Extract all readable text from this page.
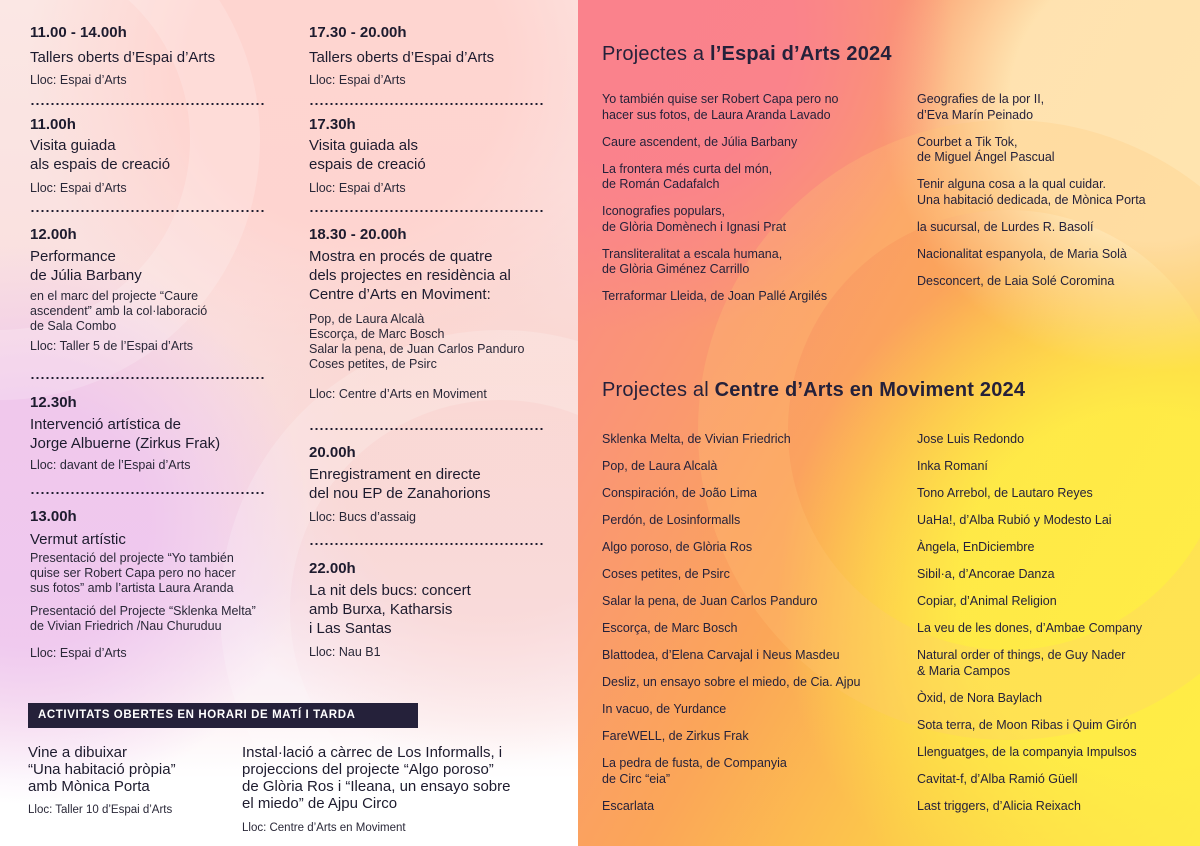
11.00 - 14.00h
Tallers oberts d’Espai d’Arts
Lloc: Espai d’Arts
11.00h
Visita guiada
als espais de creació
Lloc: Espai d’Arts
12.00h
Performance
de Júlia Barbany
en el marc del projecte “Caure
ascendent” amb la col·laboració
de Sala Combo
Lloc: Taller 5 de l’Espai d’Arts
12.30h
Intervenció artística de
Jorge Albuerne (Zirkus Frak)
Lloc: davant de l’Espai d’Arts
13.00h
Vermut artístic
Presentació del projecte “Yo también
quise ser Robert Capa pero no hacer
sus fotos” amb l’artista Laura Aranda
Presentació del Projecte “Sklenka Melta”
de Vivian Friedrich /Nau Churuduu
Lloc: Espai d’Arts
17.30 - 20.00h
Tallers oberts d’Espai d’Arts
Lloc: Espai d’Arts
17.30h
Visita guiada als
espais de creació
Lloc: Espai d’Arts
18.30 - 20.00h
Mostra en procés de quatre
dels projectes en residència al
Centre d’Arts en Moviment:
Pop, de Laura Alcalà
Escorça, de Marc Bosch
Salar la pena, de Juan Carlos Panduro
Coses petites, de Psirc
Lloc: Centre d’Arts en Moviment
20.00h
Enregistrament en directe
del nou EP de Zanahorions
Lloc: Bucs d’assaig
22.00h
La nit dels bucs: concert
amb Burxa, Katharsis
i Las Santas
Lloc: Nau B1
ACTIVITATS OBERTES EN HORARI DE MATÍ I TARDA
Vine a dibuixar
“Una habitació pròpia”
amb Mònica Porta
Lloc: Taller 10 d’Espai d’Arts
Instal·lació a càrrec de Los Informalls, i
projeccions del projecte “Algo poroso”
de Glòria Ros i “Ileana, un ensayo sobre
el miedo” de Ajpu Circo
Lloc: Centre d’Arts en Moviment
Projectes a l’Espai d’Arts 2024
Yo también quise ser Robert Capa pero no
hacer sus fotos, de Laura Aranda Lavado
Caure ascendent, de Júlia Barbany
La frontera més curta del món,
de Román Cadafalch
Iconografies populars,
de Glòria Domènech i Ignasi Prat
Transliteralitat a escala humana,
de Glòria Giménez Carrillo
Terraformar Lleida, de Joan Pallé Argilés
Geografies de la por II,
d’Eva Marín Peinado
Courbet a Tik Tok,
de Miguel Ángel Pascual
Tenir alguna cosa a la qual cuidar.
Una habitació dedicada, de Mònica Porta
la sucursal, de Lurdes R. Basolí
Nacionalitat espanyola, de Maria Solà
Desconcert, de Laia Solé Coromina
Projectes al Centre d’Arts en Moviment 2024
Sklenka Melta, de Vivian Friedrich
Pop, de Laura Alcalà
Conspiración, de João Lima
Perdón, de Losinformalls
Algo poroso, de Glòria Ros
Coses petites, de Psirc
Salar la pena, de Juan Carlos Panduro
Escorça, de Marc Bosch
Blattodea, d’Elena Carvajal i Neus Masdeu
Desliz, un ensayo sobre el miedo, de Cia. Ajpu
In vacuo, de Yurdance
FareWELL, de Zirkus Frak
La pedra de fusta, de Companyia
de Circ “eia”
Escarlata
Jose Luis Redondo
Inka Romaní
Tono Arrebol, de Lautaro Reyes
UaHa!, d’Alba Rubió y Modesto Lai
Àngela, EnDiciembre
Sibil·a, d’Ancorae Danza
Copiar, d’Animal Religion
La veu de les dones, d’Ambae Company
Natural order of things, de Guy Nader
& Maria Campos
Òxid, de Nora Baylach
Sota terra, de Moon Ribas i Quim Girón
Llenguatges, de la companyia Impulsos
Cavitat-f, d’Alba Ramió Güell
Last triggers, d’Alicia Reixach
